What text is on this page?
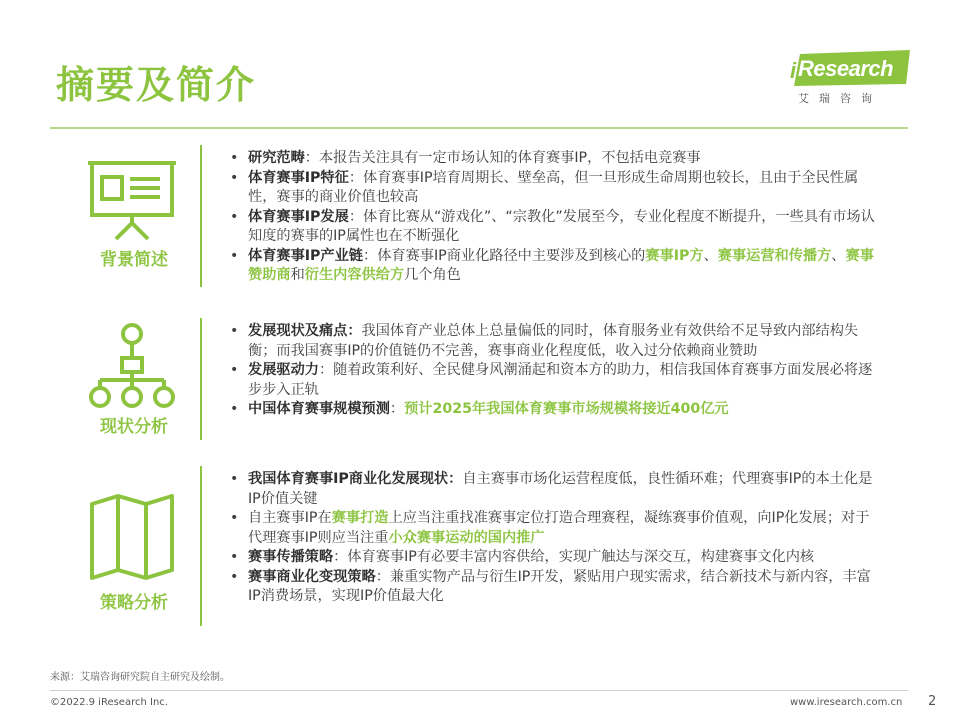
摘要及简介	i Research
艾瑞咨询
背景简述
• 研究范畴：本报告关注具有一定市场认知的体育赛事IP，不包括电竞赛事
• 体育赛事IP特征：体育赛事IP培育周期长、壁垒高，但一旦形成生命周期也较长，且由于全民性属性，赛事的商业价值也较高
• 体育赛事IP发展：体育比赛从“游戏化”、“宗教化”发展至今，专业化程度不断提升，一些具有市场认知度的赛事的IP属性也在不断强化
• 体育赛事IP产业链：体育赛事IP商业化路径中主要涉及到核心的赛事IP方、赛事运营和传播方、赛事赞助商和衍生内容供给方几个角色
现状分析
• 发展现状及痛点：我国体育产业总体上总量偏低的同时，体育服务业有效供给不足导致内部结构失衡；而我国赛事IP的价值链仍不完善，赛事商业化程度低，收入过分依赖商业赞助
• 发展驱动力：随着政策利好、全民健身风潮涌起和资本方的助力，相信我国体育赛事方面发展必将逐步步入正轨
• 中国体育赛事规模预测：预计2025年我国体育赛事市场规模将接近400亿元
策略分析
• 我国体育赛事IP商业化发展现状：自主赛事市场化运营程度低，良性循环难；代理赛事IP的本土化是IP价值关键
• 自主赛事IP在赛事打造上应当注重找准赛事定位打造合理赛程，凝练赛事价值观，向IP化发展；对于代理赛事IP则应当注重小众赛事运动的国内推广
• 赛事传播策略：体育赛事IP有必要丰富内容供给，实现广触达与深交互，构建赛事文化内核
• 赛事商业化变现策略：兼重实物产品与衍生IP开发，紧贴用户现实需求，结合新技术与新内容，丰富IP消费场景，实现IP价值最大化
来源：艾瑞咨询研究院自主研究及绘制。
©2022.9 iResearch Inc.	www.iresearch.com.cn 2
